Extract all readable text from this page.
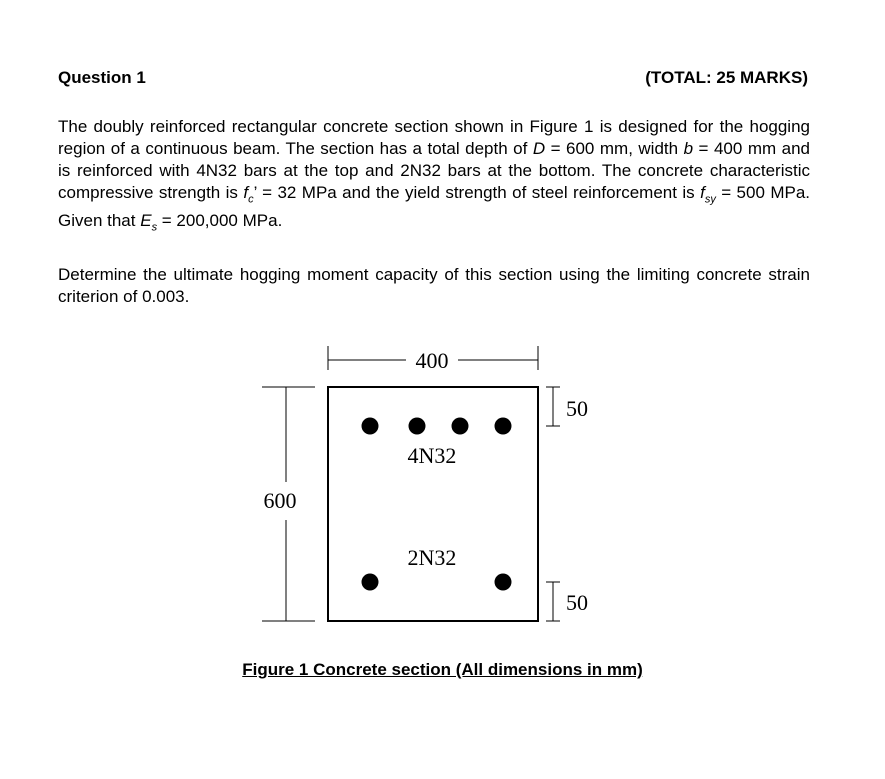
Question 1	(TOTAL: 25 MARKS)
The doubly reinforced rectangular concrete section shown in Figure 1 is designed for the hogging region of a continuous beam. The section has a total depth of D = 600 mm, width b = 400 mm and is reinforced with 4N32 bars at the top and 2N32 bars at the bottom. The concrete characteristic compressive strength is $f_c$’ = 32 MPa and the yield strength of steel reinforcement is $f_{sy} = 500$ MPa. Given that $E_s = 200,000$ MPa.
Determine the ultimate hogging moment capacity of this section using the limiting concrete strain criterion of 0.003.
400
600
4N32
2N32
50
50
Figure 1 Concrete section (All dimensions in mm)
